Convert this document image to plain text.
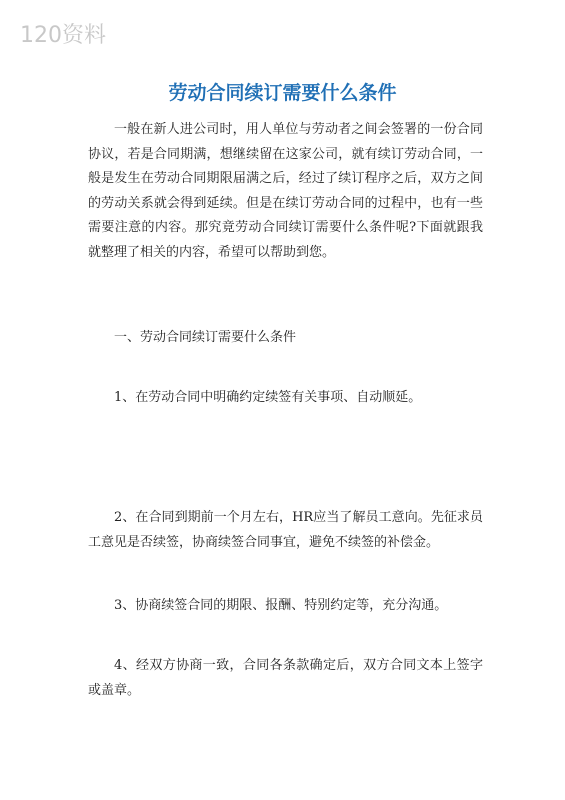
120资料
劳动合同续订需要什么条件

一般在新人进公司时，用人单位与劳动者之间会签署的一份合同协议，若是合同期满，想继续留在这家公司，就有续订劳动合同，一般是发生在劳动合同期限届满之后，经过了续订程序之后，双方之间的劳动关系就会得到延续。但是在续订劳动合同的过程中，也有一些需要注意的内容。那究竟劳动合同续订需要什么条件呢?下面就跟我就整理了相关的内容，希望可以帮助到您。

一、劳动合同续订需要什么条件

1、在劳动合同中明确约定续签有关事项、自动顺延。

2、在合同到期前一个月左右，HR应当了解员工意向。先征求员工意见是否续签，协商续签合同事宜，避免不续签的补偿金。

3、协商续签合同的期限、报酬、特别约定等，充分沟通。

4、经双方协商一致，合同各条款确定后，双方合同文本上签字或盖章。
